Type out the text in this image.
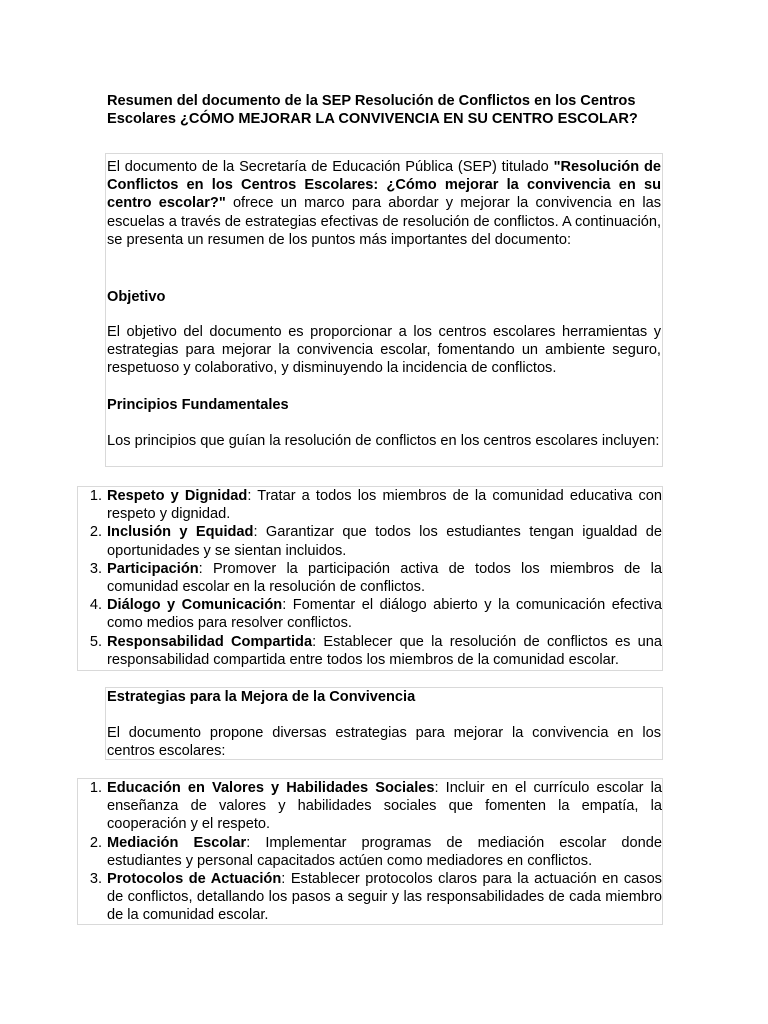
Resumen del documento de la SEP Resolución de Conflictos en los Centros Escolares ¿CÓMO MEJORAR LA CONVIVENCIA EN SU CENTRO ESCOLAR?

El documento de la Secretaría de Educación Pública (SEP) titulado "Resolución de Conflictos en los Centros Escolares: ¿Cómo mejorar la convivencia en su centro escolar?" ofrece un marco para abordar y mejorar la convivencia en las escuelas a través de estrategias efectivas de resolución de conflictos. A continuación, se presenta un resumen de los puntos más importantes del documento:

Objetivo

El objetivo del documento es proporcionar a los centros escolares herramientas y estrategias para mejorar la convivencia escolar, fomentando un ambiente seguro, respetuoso y colaborativo, y disminuyendo la incidencia de conflictos.

Principios Fundamentales

Los principios que guían la resolución de conflictos en los centros escolares incluyen:

1. Respeto y Dignidad: Tratar a todos los miembros de la comunidad educativa con respeto y dignidad.
2. Inclusión y Equidad: Garantizar que todos los estudiantes tengan igualdad de oportunidades y se sientan incluidos.
3. Participación: Promover la participación activa de todos los miembros de la comunidad escolar en la resolución de conflictos.
4. Diálogo y Comunicación: Fomentar el diálogo abierto y la comunicación efectiva como medios para resolver conflictos.
5. Responsabilidad Compartida: Establecer que la resolución de conflictos es una responsabilidad compartida entre todos los miembros de la comunidad escolar.

Estrategias para la Mejora de la Convivencia

El documento propone diversas estrategias para mejorar la convivencia en los centros escolares:

1. Educación en Valores y Habilidades Sociales: Incluir en el currículo escolar la enseñanza de valores y habilidades sociales que fomenten la empatía, la cooperación y el respeto.
2. Mediación Escolar: Implementar programas de mediación escolar donde estudiantes y personal capacitados actúen como mediadores en conflictos.
3. Protocolos de Actuación: Establecer protocolos claros para la actuación en casos de conflictos, detallando los pasos a seguir y las responsabilidades de cada miembro de la comunidad escolar.
